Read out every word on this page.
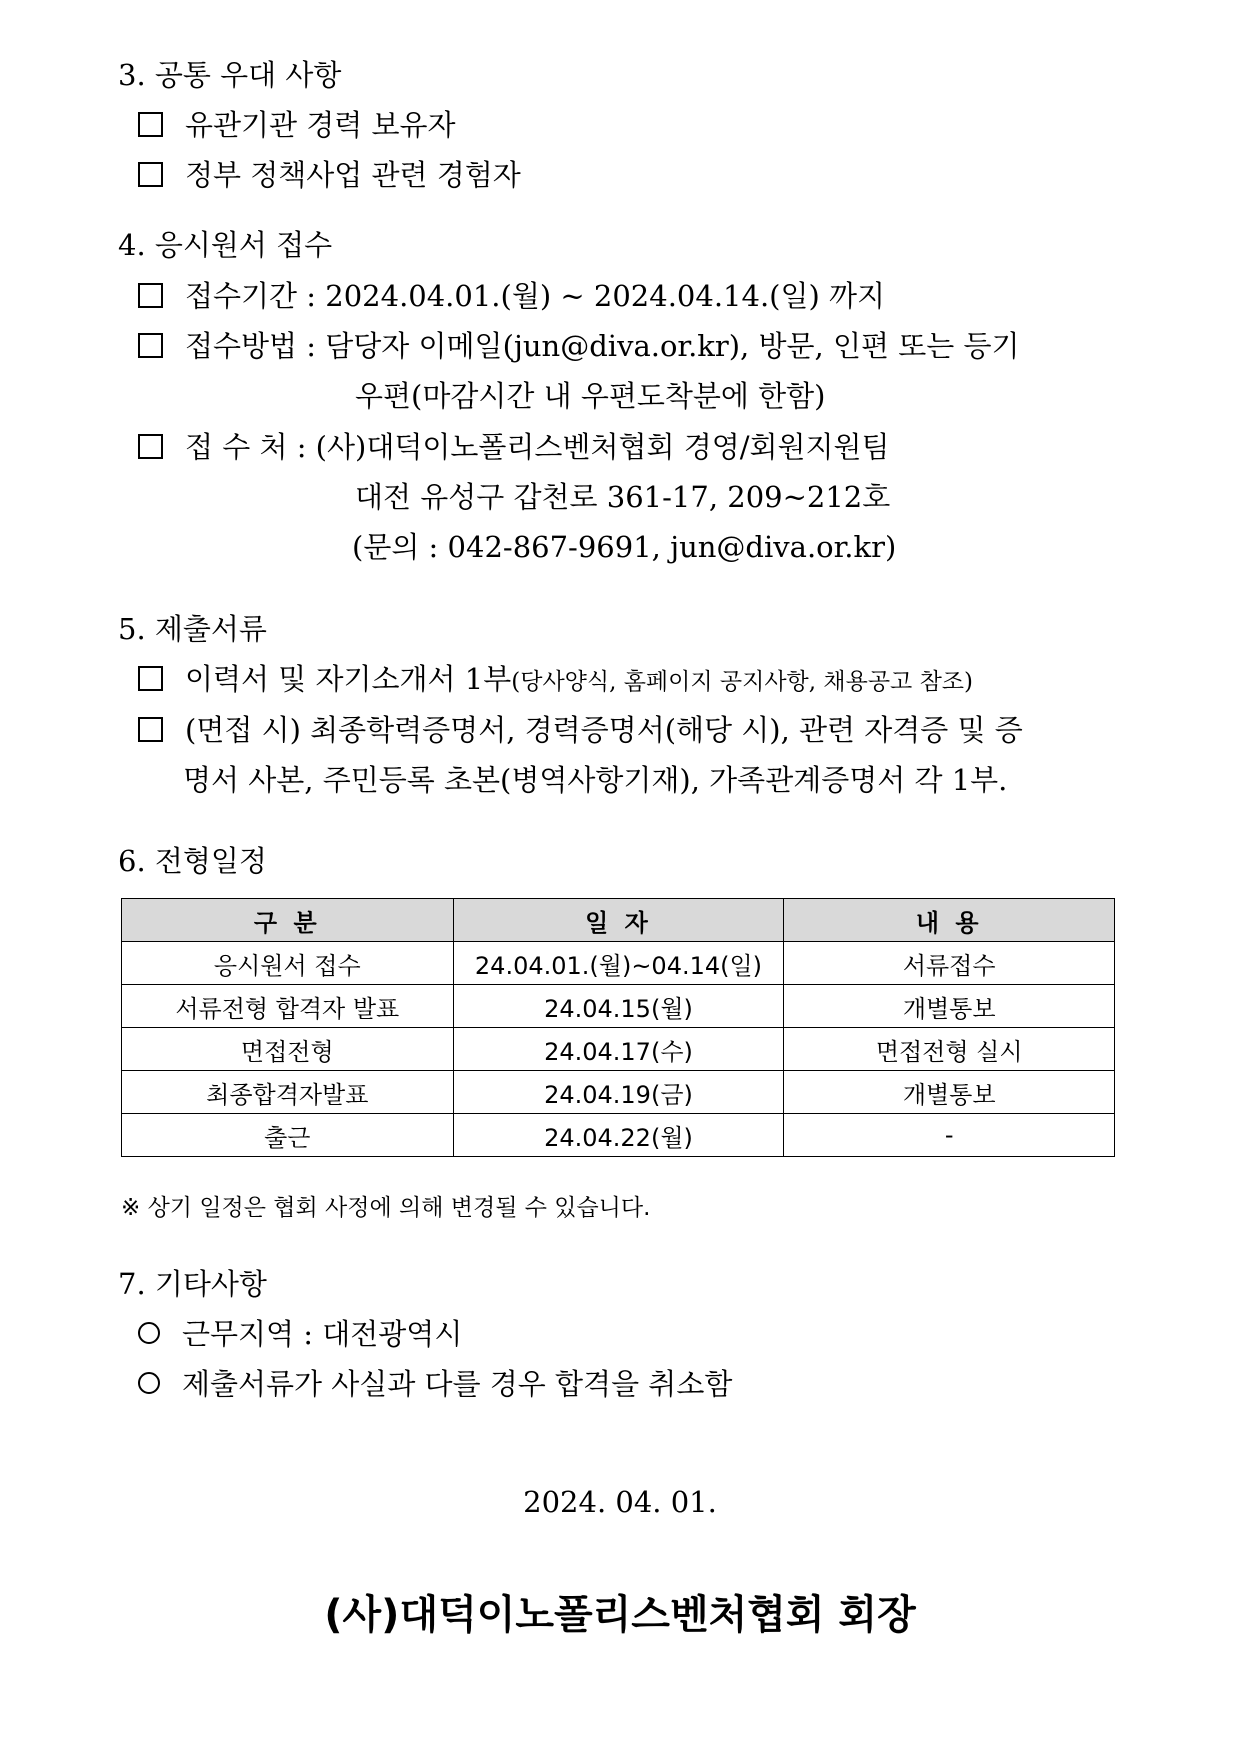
3. 공통 우대 사항
유관기관 경력 보유자
정부 정책사업 관련 경험자
4. 응시원서 접수
접수기간 : 2024.04.01.(월) ~ 2024.04.14.(일) 까지
접수방법 : 담당자 이메일(jun@diva.or.kr), 방문, 인편 또는 등기
우편(마감시간 내 우편도착분에 한함)
접 수 처 : (사)대덕이노폴리스벤처협회 경영/회원지원팀
대전 유성구 갑천로 361-17, 209~212호
(문의 : 042-867-9691, jun@diva.or.kr)
5. 제출서류
이력서 및 자기소개서 1부(당사양식, 홈페이지 공지사항, 채용공고 참조)
(면접 시) 최종학력증명서, 경력증명서(해당 시), 관련 자격증 및 증
명서 사본, 주민등록 초본(병역사항기재), 가족관계증명서 각 1부.
6. 전형일정
구 분	일 자	내 용
응시원서 접수	24.04.01.(월)~04.14(일)	서류접수
서류전형 합격자 발표	24.04.15(월)	개별통보
면접전형	24.04.17(수)	면접전형 실시
최종합격자발표	24.04.19(금)	개별통보
출근	24.04.22(월)	-
※ 상기 일정은 협회 사정에 의해 변경될 수 있습니다.
7. 기타사항
근무지역 : 대전광역시
제출서류가 사실과 다를 경우 합격을 취소함
2024. 04. 01.
(사)대덕이노폴리스벤처협회 회장
